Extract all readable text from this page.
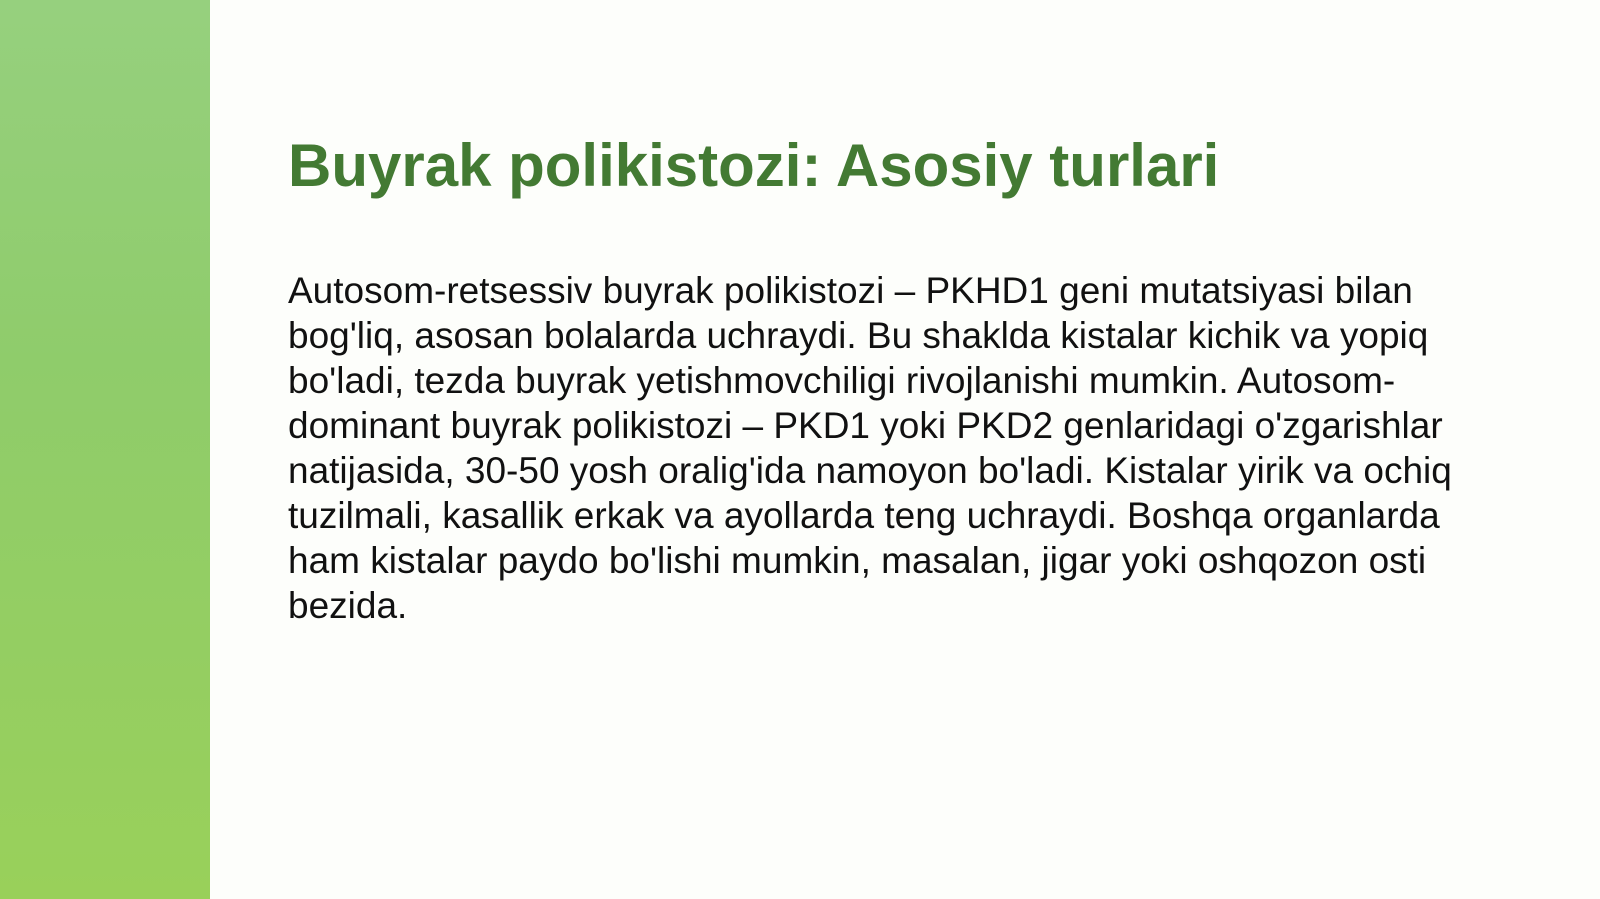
Buyrak polikistozi: Asosiy turlari

Autosom-retsessiv buyrak polikistozi – PKHD1 geni mutatsiyasi bilan bog'liq, asosan bolalarda uchraydi. Bu shaklda kistalar kichik va yopiq bo'ladi, tezda buyrak yetishmovchiligi rivojlanishi mumkin. Autosom-dominant buyrak polikistozi – PKD1 yoki PKD2 genlaridagi o'zgarishlar natijasida, 30-50 yosh oralig'ida namoyon bo'ladi. Kistalar yirik va ochiq tuzilmali, kasallik erkak va ayollarda teng uchraydi. Boshqa organlarda ham kistalar paydo bo'lishi mumkin, masalan, jigar yoki oshqozon osti bezida.
